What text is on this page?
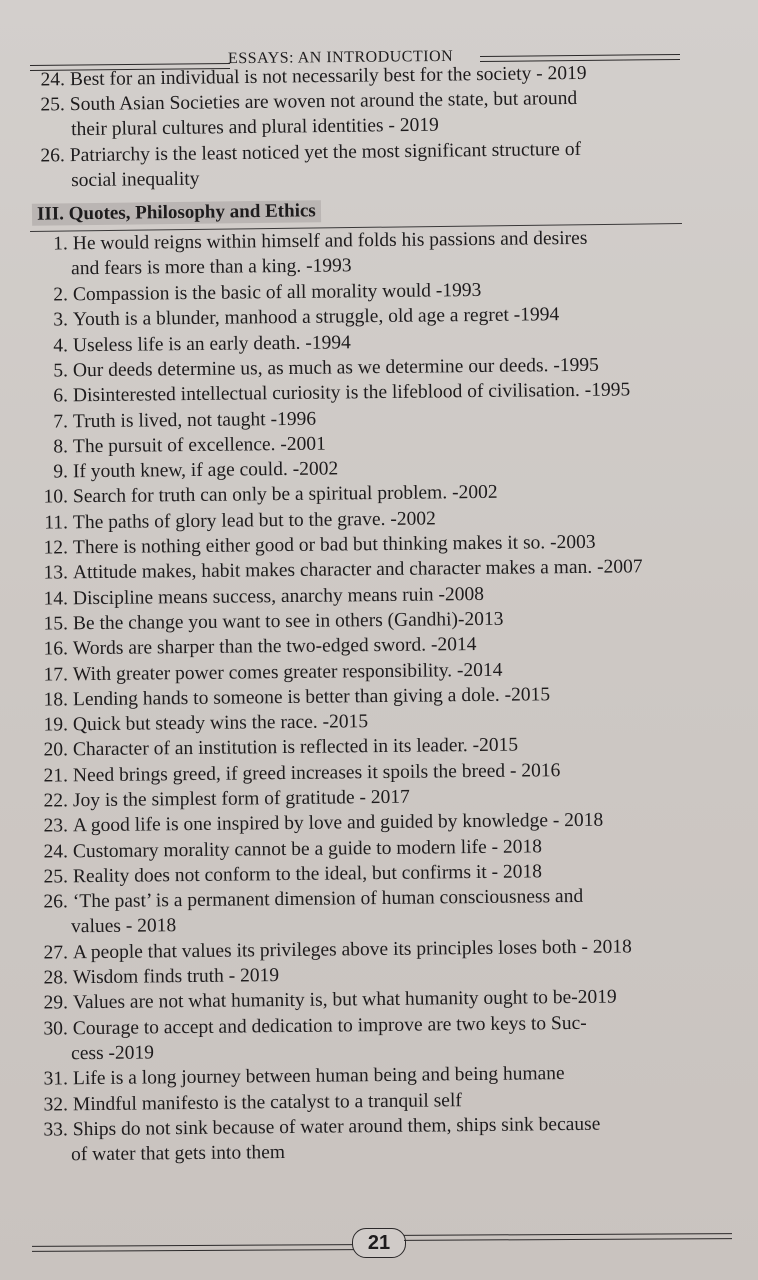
ESSAYS: AN INTRODUCTION
24. Best for an individual is not necessarily best for the society - 2019
25. South Asian Societies are woven not around the state, but around
their plural cultures and plural identities - 2019
26. Patriarchy is the least noticed yet the most significant structure of
social inequality
III. Quotes, Philosophy and Ethics
1. He would reigns within himself and folds his passions and desires
and fears is more than a king. -1993
2. Compassion is the basic of all morality would -1993
3. Youth is a blunder, manhood a struggle, old age a regret -1994
4. Useless life is an early death. -1994
5. Our deeds determine us, as much as we determine our deeds. -1995
6. Disinterested intellectual curiosity is the lifeblood of civilisation. -1995
7. Truth is lived, not taught -1996
8. The pursuit of excellence. -2001
9. If youth knew, if age could. -2002
10. Search for truth can only be a spiritual problem. -2002
11. The paths of glory lead but to the grave. -2002
12. There is nothing either good or bad but thinking makes it so. -2003
13. Attitude makes, habit makes character and character makes a man. -2007
14. Discipline means success, anarchy means ruin -2008
15. Be the change you want to see in others (Gandhi)-2013
16. Words are sharper than the two-edged sword. -2014
17. With greater power comes greater responsibility. -2014
18. Lending hands to someone is better than giving a dole. -2015
19. Quick but steady wins the race. -2015
20. Character of an institution is reflected in its leader. -2015
21. Need brings greed, if greed increases it spoils the breed - 2016
22. Joy is the simplest form of gratitude - 2017
23. A good life is one inspired by love and guided by knowledge - 2018
24. Customary morality cannot be a guide to modern life - 2018
25. Reality does not conform to the ideal, but confirms it - 2018
26. ‘The past’ is a permanent dimension of human consciousness and
values - 2018
27. A people that values its privileges above its principles loses both - 2018
28. Wisdom finds truth - 2019
29. Values are not what humanity is, but what humanity ought to be-2019
30. Courage to accept and dedication to improve are two keys to Suc-
cess -2019
31. Life is a long journey between human being and being humane
32. Mindful manifesto is the catalyst to a tranquil self
33. Ships do not sink because of water around them, ships sink because
of water that gets into them
21
